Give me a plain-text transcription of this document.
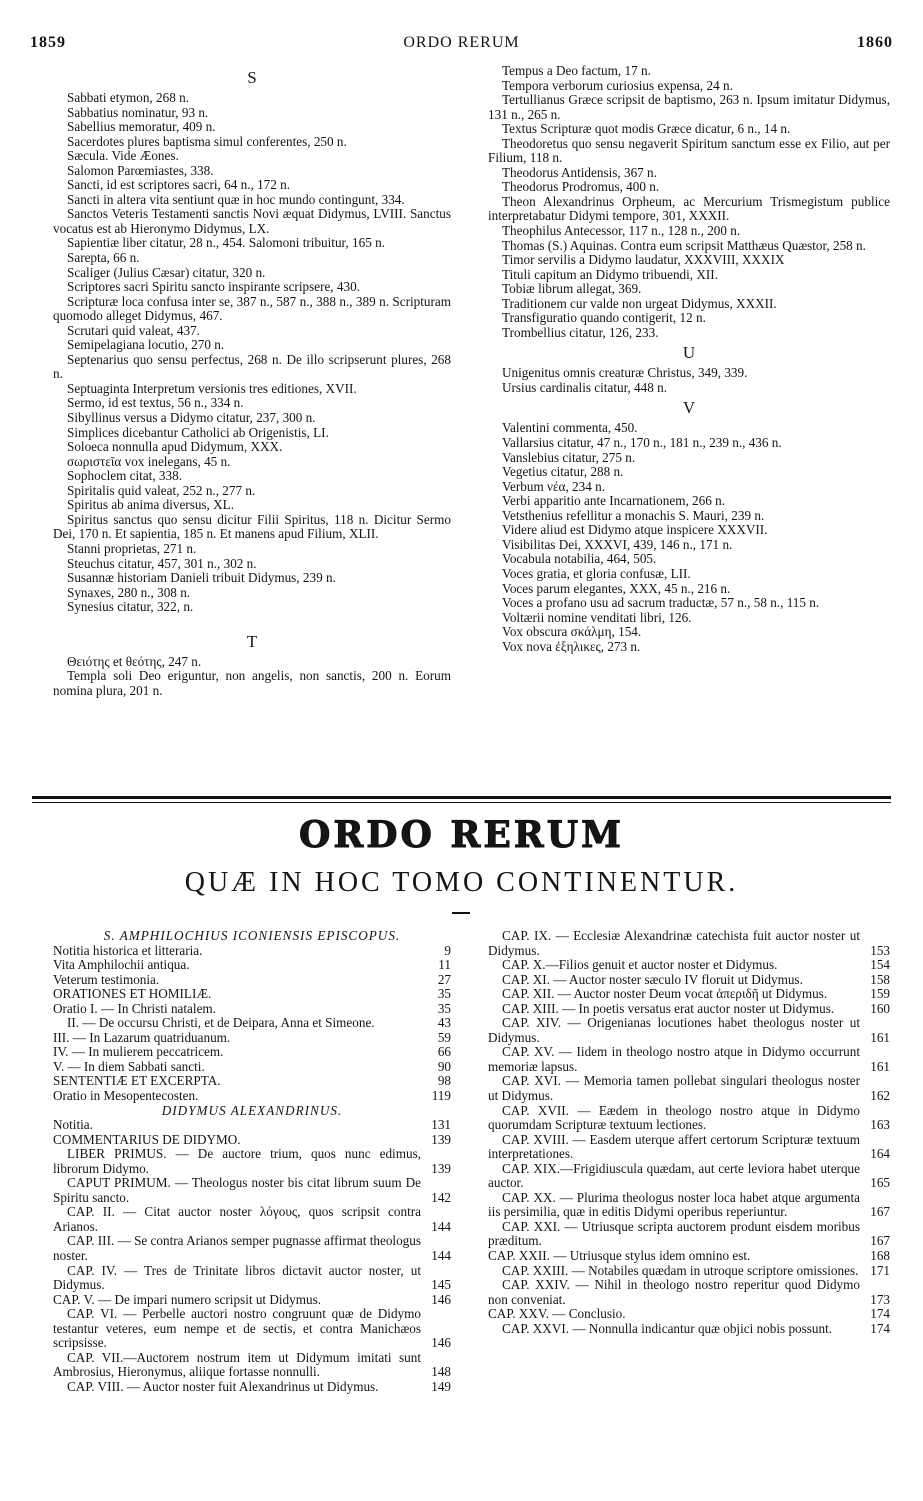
1859	ORDO RERUM	1860
S
Sabbati etymon, 268 n.
Sabbatius nominatur, 93 n.
Sabellius memoratur, 409 n.
Sacerdotes plures baptisma simul conferentes, 250 n.
Sæcula. Vide Æones.
Salomon Parœmiastes, 338.
Sancti, id est scriptores sacri, 64 n., 172 n.
Sancti in altera vita sentiunt quæ in hoc mundo contingunt, 334.
Sanctos Veteris Testamenti sanctis Novi æquat Didymus, LVIII. Sanctus vocatus est ab Hieronymo Didymus, LX.
Sapientiæ liber citatur, 28 n., 454. Salomoni tribuitur, 165 n.
Sarepta, 66 n.
Scaliger (Julius Cæsar) citatur, 320 n.
Scriptores sacri Spiritu sancto inspirante scripsere, 430.
Scripturæ loca confusa inter se, 387 n., 587 n., 388 n., 389 n. Scripturam quomodo alleget Didymus, 467.
Scrutari quid valeat, 437.
Semipelagiana locutio, 270 n.
Septenarius quo sensu perfectus, 268 n. De illo scripserunt plures, 268 n.
Septuaginta Interpretum versionis tres editiones, XVII.
Sermo, id est textus, 56 n., 334 n.
Sibyllinus versus a Didymo citatur, 237, 300 n.
Simplices dicebantur Catholici ab Origenistis, LI.
Soloeca nonnulla apud Didymum, XXX.
σωριστεῖα vox inelegans, 45 n.
Sophoclem citat, 338.
Spiritalis quid valeat, 252 n., 277 n.
Spiritus ab anima diversus, XL.
Spiritus sanctus quo sensu dicitur Filii Spiritus, 118 n. Dicitur Sermo Dei, 170 n. Et sapientia, 185 n. Et manens apud Filium, XLII.
Stanni proprietas, 271 n.
Steuchus citatur, 457, 301 n., 302 n.
Susannæ historiam Danieli tribuit Didymus, 239 n.
Synaxes, 280 n., 308 n.
Synesius citatur, 322, n.
T
Θειότης et θεότης, 247 n.
Templa soli Deo eriguntur, non angelis, non sanctis, 200 n. Eorum nomina plura, 201 n.
Tempus a Deo factum, 17 n.
Tempora verborum curiosius expensa, 24 n.
Tertullianus Græce scripsit de baptismo, 263 n. Ipsum imitatur Didymus, 131 n., 265 n.
Textus Scripturæ quot modis Græce dicatur, 6 n., 14 n.
Theodoretus quo sensu negaverit Spiritum sanctum esse ex Filio, aut per Filium, 118 n.
Theodorus Antidensis, 367 n.
Theodorus Prodromus, 400 n.
Theon Alexandrinus Orpheum, ac Mercurium Trismegistum publice interpretabatur Didymi tempore, 301, XXXII.
Theophilus Antecessor, 117 n., 128 n., 200 n.
Thomas (S.) Aquinas. Contra eum scripsit Matthæus Quæstor, 258 n.
Timor servilis a Didymo laudatur, XXXVIII, XXXIX
Tituli capitum an Didymo tribuendi, XII.
Tobiæ librum allegat, 369.
Traditionem cur valde non urgeat Didymus, XXXII.
Transfiguratio quando contigerit, 12 n.
Trombellius citatur, 126, 233.
U
Unigenitus omnis creaturæ Christus, 349, 339.
Ursius cardinalis citatur, 448 n.
V
Valentini commenta, 450.
Vallarsius citatur, 47 n., 170 n., 181 n., 239 n., 436 n.
Vanslebius citatur, 275 n.
Vegetius citatur, 288 n.
Verbum νέα, 234 n.
Verbi apparitio ante Incarnationem, 266 n.
Vetsthenius refellitur a monachis S. Mauri, 239 n.
Videre aliud est Didymo atque inspicere XXXVII.
Visibilitas Dei, XXXVI, 439, 146 n., 171 n.
Vocabula notabilia, 464, 505.
Voces gratia, et gloria confusæ, LII.
Voces parum elegantes, XXX, 45 n., 216 n.
Voces a profano usu ad sacrum traductæ, 57 n., 58 n., 115 n.
Voltærii nomine venditati libri, 126.
Vox obscura σκάλμη, 154.
Vox nova ἐξηλικες, 273 n.
ORDO RERUM
QUÆ IN HOC TOMO CONTINENTUR.
S. AMPHILOCHIUS ICONIENSIS EPISCOPUS.
Notitia historica et litteraria.	9
Vita Amphilochii antiqua.	11
Veterum testimonia.	27
ORATIONES ET HOMILIÆ.	35
Oratio I. — In Christi natalem.	35
II. — De occursu Christi, et de Deipara, Anna et Simeone.	43
III. — In Lazarum quatriduanum.	59
IV. — In mulierem peccatricem.	66
V. — In diem Sabbati sancti.	90
SENTENTIÆ ET EXCERPTA.	98
Oratio in Mesopentecosten.	119
DIDYMUS ALEXANDRINUS.
Notitia.	131
COMMENTARIUS DE DIDYMO.	139
LIBER PRIMUS. — De auctore trium, quos nunc edimus, librorum Didymo.	139
CAPUT PRIMUM. — Theologus noster bis citat librum suum De Spiritu sancto.	142
CAP. II. — Citat auctor noster λόγους, quos scripsit contra Arianos.	144
CAP. III. — Se contra Arianos semper pugnasse affirmat theologus noster.	144
CAP. IV. — Tres de Trinitate libros dictavit auctor noster, ut Didymus.	145
CAP. V. — De impari numero scripsit ut Didymus.	146
CAP. VI. — Perbelle auctori nostro congruunt quæ de Didymo testantur veteres, eum nempe et de sectis, et contra Manichæos scripsisse.	146
CAP. VII.—Auctorem nostrum item ut Didymum imitati sunt Ambrosius, Hieronymus, aliique fortasse nonnulli.	148
CAP. VIII. — Auctor noster fuit Alexandrinus ut Didymus.	149
CAP. IX. — Ecclesiæ Alexandrinæ catechista fuit auctor noster ut Didymus.	153
CAP. X.—Filios genuit et auctor noster et Didymus.	154
CAP. XI. — Auctor noster sæculo IV floruit ut Didymus.	158
CAP. XII. — Auctor noster Deum vocat ἀπεριδῆ ut Didymus.	159
CAP. XIII. — In poetis versatus erat auctor noster ut Didymus.	160
CAP. XIV. — Origenianas locutiones habet theologus noster ut Didymus.	161
CAP. XV. — Iidem in theologo nostro atque in Didymo occurrunt memoriæ lapsus.	161
CAP. XVI. — Memoria tamen pollebat singulari theologus noster ut Didymus.	162
CAP. XVII. — Eædem in theologo nostro atque in Didymo quorumdam Scripturæ textuum lectiones.	163
CAP. XVIII. — Easdem uterque affert certorum Scripturæ textuum interpretationes.	164
CAP. XIX.—Frigidiuscula quædam, aut certe leviora habet uterque auctor.	165
CAP. XX. — Plurima theologus noster loca habet atque argumenta iis persimilia, quæ in editis Didymi operibus reperiuntur.	167
CAP. XXI. — Utriusque scripta auctorem produnt eisdem moribus præditum.	167
CAP. XXII. — Utriusque stylus idem omnino est.	168
CAP. XXIII. — Notabiles quædam in utroque scriptore omissiones. 171
CAP. XXIV. — Nihil in theologo nostro reperitur quod Didymo non conveniat.	173
CAP. XXV. — Conclusio.	174
CAP. XXVI. — Nonnulla indicantur quæ objici nobis possunt.	174
